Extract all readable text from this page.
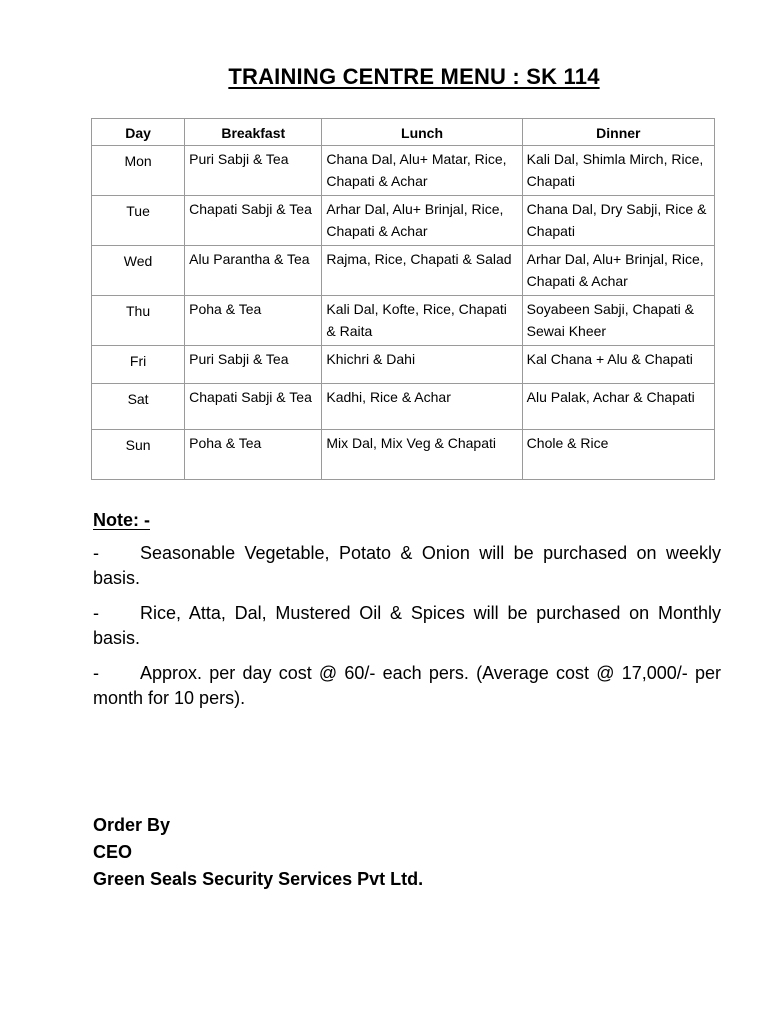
TRAINING CENTRE MENU : SK 114
Day	Breakfast	Lunch	Dinner
Mon	Puri Sabji & Tea	Chana Dal, Alu+ Matar, Rice, Chapati & Achar	Kali Dal, Shimla Mirch, Rice, Chapati
Tue	Chapati Sabji & Tea	Arhar Dal, Alu+ Brinjal, Rice, Chapati & Achar	Chana Dal, Dry Sabji, Rice & Chapati
Wed	Alu Parantha & Tea	Rajma, Rice, Chapati & Salad	Arhar Dal, Alu+ Brinjal, Rice, Chapati & Achar
Thu	Poha & Tea	Kali Dal, Kofte, Rice, Chapati & Raita	Soyabeen Sabji, Chapati & Sewai Kheer
Fri	Puri Sabji & Tea	Khichri & Dahi	Kal Chana + Alu & Chapati
Sat	Chapati Sabji & Tea	Kadhi, Rice & Achar	Alu Palak, Achar & Chapati
Sun	Poha & Tea	Mix Dal, Mix Veg & Chapati	Chole & Rice
Note: -
- Seasonable Vegetable, Potato & Onion will be purchased on weekly basis.
- Rice, Atta, Dal, Mustered Oil & Spices will be purchased on Monthly basis.
- Approx. per day cost @ 60/- each pers. (Average cost @ 17,000/- per month for 10 pers).
Order By
CEO
Green Seals Security Services Pvt Ltd.
